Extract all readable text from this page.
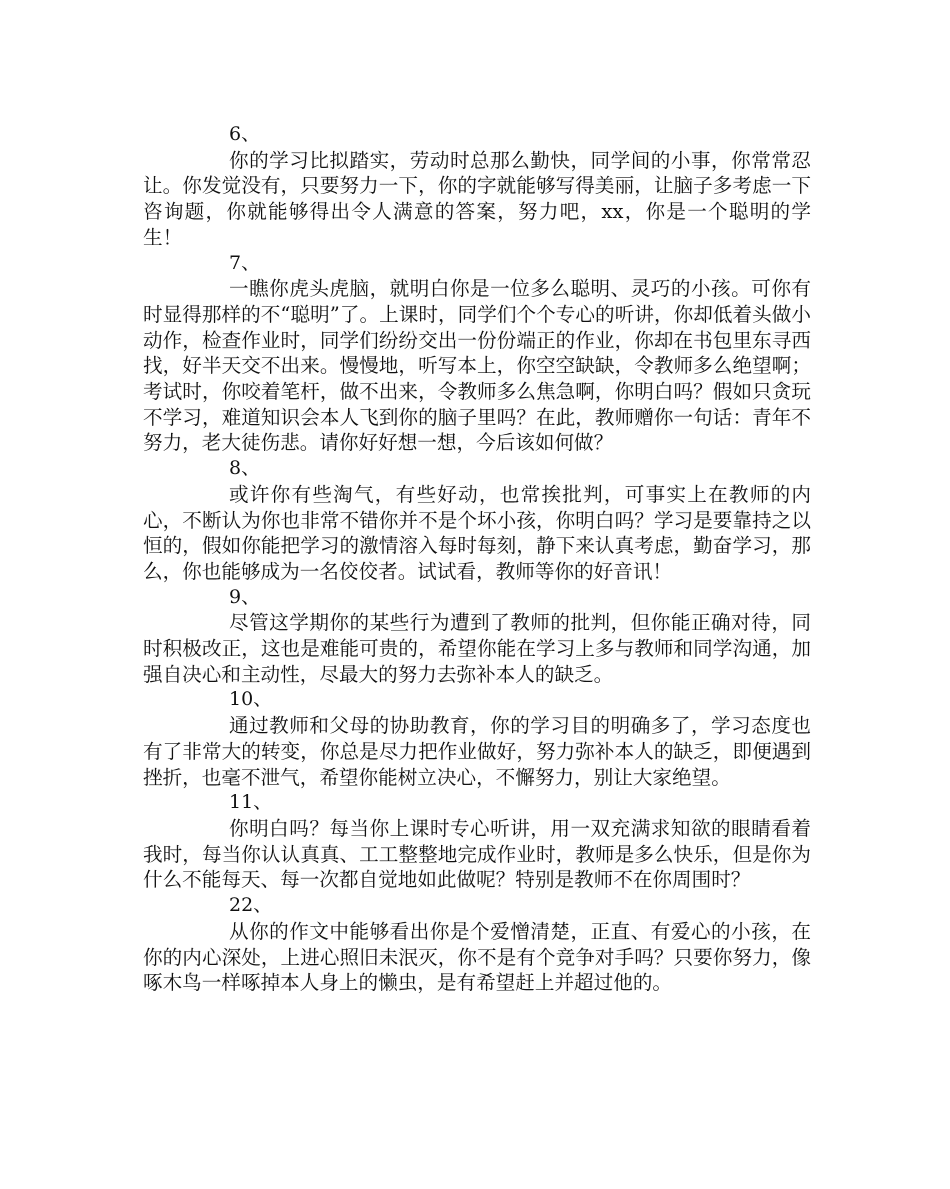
6、

你的学习比拟踏实，劳动时总那么勤快，同学间的小事，你常常忍让。你发觉没有，只要努力一下，你的字就能够写得美丽，让脑子多考虑一下咨询题，你就能够得出令人满意的答案，努力吧，xx，你是一个聪明的学生！

7、

一瞧你虎头虎脑，就明白你是一位多么聪明、灵巧的小孩。可你有时显得那样的不“聪明”了。上课时，同学们个个专心的听讲，你却低着头做小动作，检查作业时，同学们纷纷交出一份份端正的作业，你却在书包里东寻西找，好半天交不出来。慢慢地，听写本上，你空空缺缺，令教师多么绝望啊；考试时，你咬着笔杆，做不出来，令教师多么焦急啊，你明白吗？假如只贪玩不学习，难道知识会本人飞到你的脑子里吗？在此，教师赠你一句话：青年不努力，老大徒伤悲。请你好好想一想，今后该如何做？

8、

或许你有些淘气，有些好动，也常挨批判，可事实上在教师的内心，不断认为你也非常不错你并不是个坏小孩，你明白吗？学习是要靠持之以恒的，假如你能把学习的激情溶入每时每刻，静下来认真考虑，勤奋学习，那么，你也能够成为一名佼佼者。试试看，教师等你的好音讯！

9、

尽管这学期你的某些行为遭到了教师的批判，但你能正确对待，同时积极改正，这也是难能可贵的，希望你能在学习上多与教师和同学沟通，加强自决心和主动性，尽最大的努力去弥补本人的缺乏。

10、

通过教师和父母的协助教育，你的学习目的明确多了，学习态度也有了非常大的转变，你总是尽力把作业做好，努力弥补本人的缺乏，即便遇到挫折，也毫不泄气，希望你能树立决心，不懈努力，别让大家绝望。

11、

你明白吗？每当你上课时专心听讲，用一双充满求知欲的眼睛看着我时，每当你认认真真、工工整整地完成作业时，教师是多么快乐，但是你为什么不能每天、每一次都自觉地如此做呢？特别是教师不在你周围时？

22、

从你的作文中能够看出你是个爱憎清楚，正直、有爱心的小孩，在你的内心深处，上进心照旧未泯灭，你不是有个竞争对手吗？只要你努力，像啄木鸟一样啄掉本人身上的懒虫，是有希望赶上并超过他的。
